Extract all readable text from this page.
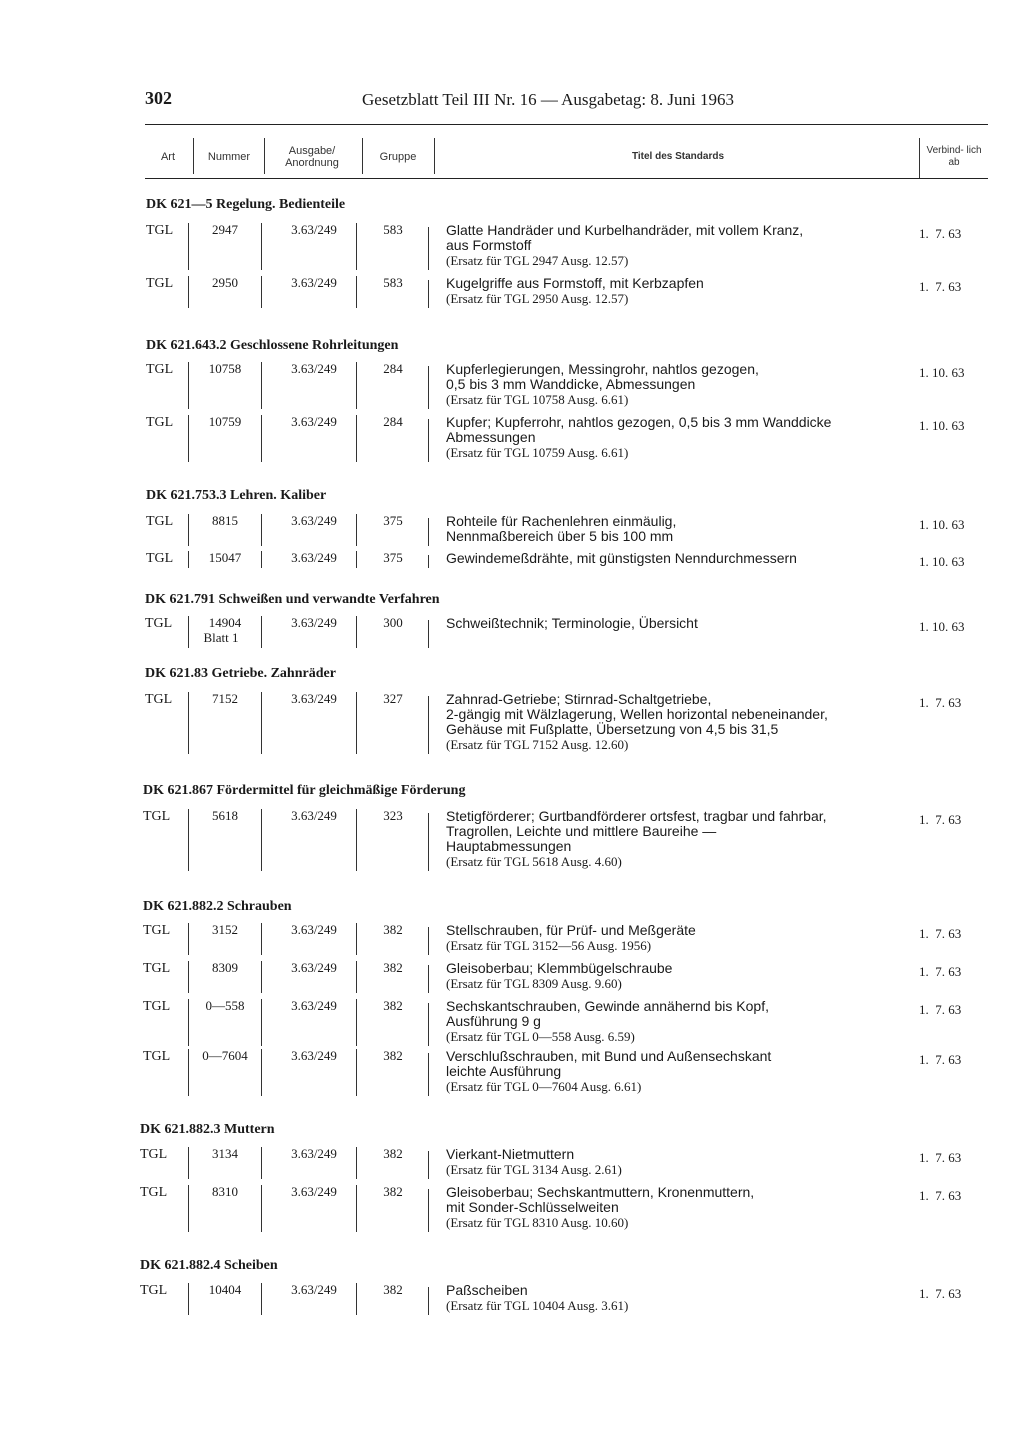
302	Gesetzblatt Teil III Nr. 16 — Ausgabetag: 8. Juni 1963
Art	Nummer	Ausgabe/ Anordnung	Gruppe	Titel des Standards
Verbind- lich ab
DK 621—5 Regelung. Bedienteile
TGL	2947	3.63/249	583	Glatte Handräder und Kurbelhandräder, mit vollem Kranz,
aus Formstoff
(Ersatz für TGL 2947 Ausg. 12.57)
1.  7. 63
TGL	2950	3.63/249	583	Kugelgriffe aus Formstoff, mit Kerbzapfen
(Ersatz für TGL 2950 Ausg. 12.57)
1.  7. 63
DK 621.643.2 Geschlossene Rohrleitungen
TGL	10758	3.63/249	284	Kupferlegierungen, Messingrohr, nahtlos gezogen,
0,5 bis 3 mm Wanddicke, Abmessungen
(Ersatz für TGL 10758 Ausg. 6.61)
1. 10. 63
TGL	10759	3.63/249	284	Kupfer; Kupferrohr, nahtlos gezogen, 0,5 bis 3 mm Wanddicke
Abmessungen
(Ersatz für TGL 10759 Ausg. 6.61)
1. 10. 63
DK 621.753.3 Lehren. Kaliber
TGL	8815	3.63/249	375	Rohteile für Rachenlehren einmäulig,
Nennmaßbereich über 5 bis 100 mm
1. 10. 63
TGL	15047	3.63/249	375	Gewindemeßdrähte, mit günstigsten Nenndurchmessern	1. 10. 63
DK 621.791 Schweißen und verwandte Verfahren
TGL	14904
Blatt 1
3.63/249	300	Schweißtechnik; Terminologie, Übersicht	1. 10. 63
DK 621.83 Getriebe. Zahnräder
TGL	7152	3.63/249	327	Zahnrad-Getriebe; Stirnrad-Schaltgetriebe,
2-gängig mit Wälzlagerung, Wellen horizontal nebeneinander,
Gehäuse mit Fußplatte, Übersetzung von 4,5 bis 31,5
(Ersatz für TGL 7152 Ausg. 12.60)
1.  7. 63
DK 621.867 Fördermittel für gleichmäßige Förderung
TGL	5618	3.63/249	323	Stetigförderer; Gurtbandförderer ortsfest, tragbar und fahrbar,
Tragrollen, Leichte und mittlere Baureihe —
Hauptabmessungen
(Ersatz für TGL 5618 Ausg. 4.60)
1.  7. 63
DK 621.882.2 Schrauben
TGL	3152	3.63/249	382	Stellschrauben, für Prüf- und Meßgeräte
(Ersatz für TGL 3152—56 Ausg. 1956)
1.  7. 63
TGL	8309	3.63/249	382	Gleisoberbau; Klemmbügelschraube
(Ersatz für TGL 8309 Ausg. 9.60)
1.  7. 63
TGL	0—558	3.63/249	382	Sechskantschrauben, Gewinde annähernd bis Kopf,
Ausführung 9 g
(Ersatz für TGL 0—558 Ausg. 6.59)
1.  7. 63
TGL	0—7604	3.63/249	382	Verschlußschrauben, mit Bund und Außensechskant
leichte Ausführung
(Ersatz für TGL 0—7604 Ausg. 6.61)
1.  7. 63
DK 621.882.3 Muttern
TGL	3134	3.63/249	382	Vierkant-Nietmuttern
(Ersatz für TGL 3134 Ausg. 2.61)
1.  7. 63
TGL	8310	3.63/249	382	Gleisoberbau; Sechskantmuttern, Kronenmuttern,
mit Sonder-Schlüsselweiten
(Ersatz für TGL 8310 Ausg. 10.60)
1.  7. 63
DK 621.882.4 Scheiben
TGL	10404	3.63/249	382	Paßscheiben
(Ersatz für TGL 10404 Ausg. 3.61)
1.  7. 63
